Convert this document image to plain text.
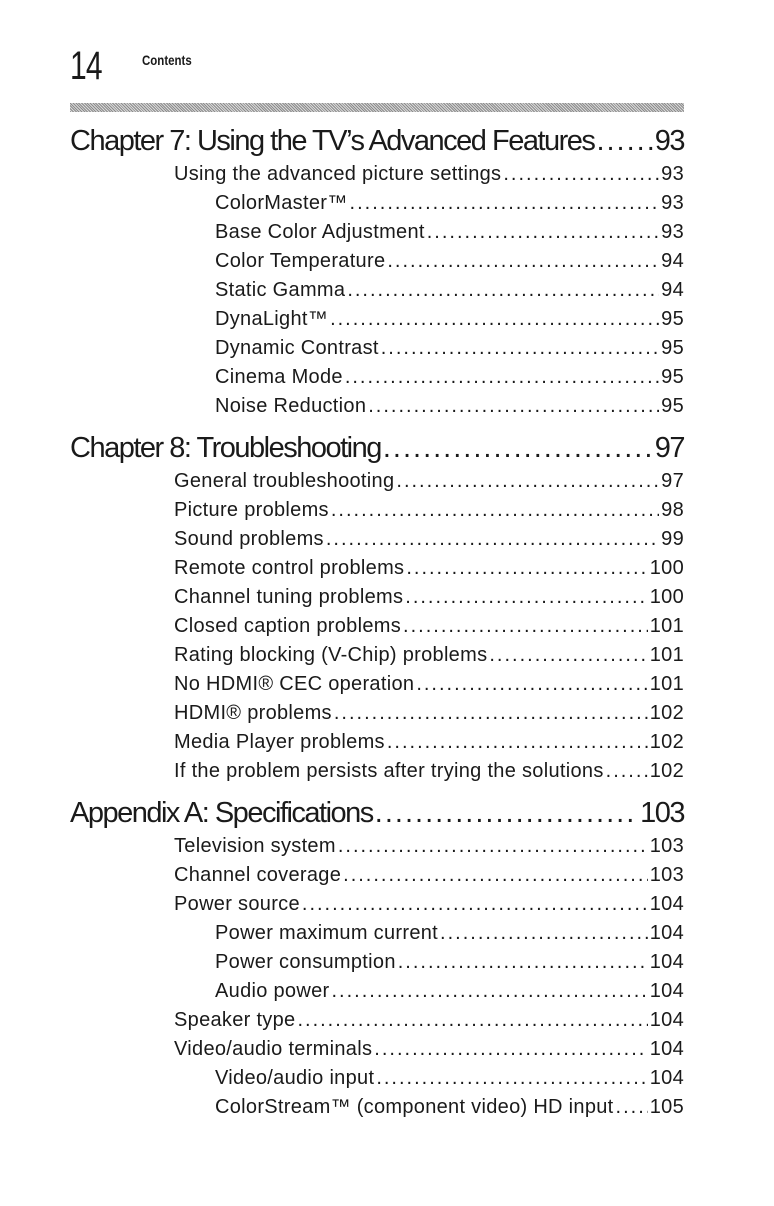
14	Contents
Chapter 7: Using the TV’s Advanced Features ..... 93
Using the advanced picture settings .....	93
ColorMaster™ .....	93
Base Color Adjustment .....	93
Color Temperature .....	94
Static Gamma .....	94
DynaLight™ .....	95
Dynamic Contrast .....	95
Cinema Mode .....	95
Noise Reduction .....	95
Chapter 8: Troubleshooting .....	97
General troubleshooting .....	97
Picture problems .....	98
Sound problems .....	99
Remote control problems .....	100
Channel tuning problems .....	100
Closed caption problems .....	101
Rating blocking (V-Chip) problems .....	101
No HDMI® CEC operation .....	101
HDMI® problems .....	102
Media Player problems .....	102
If the problem persists after trying the solutions ..... 102
Appendix A: Specifications .....	103
Television system .....	103
Channel coverage .....	103
Power source .....	104
Power maximum current .....	104
Power consumption .....	104
Audio power .....	104
Speaker type .....	104
Video/audio terminals .....	104
Video/audio input .....	104
ColorStream™ (component video) HD input ..... 105
